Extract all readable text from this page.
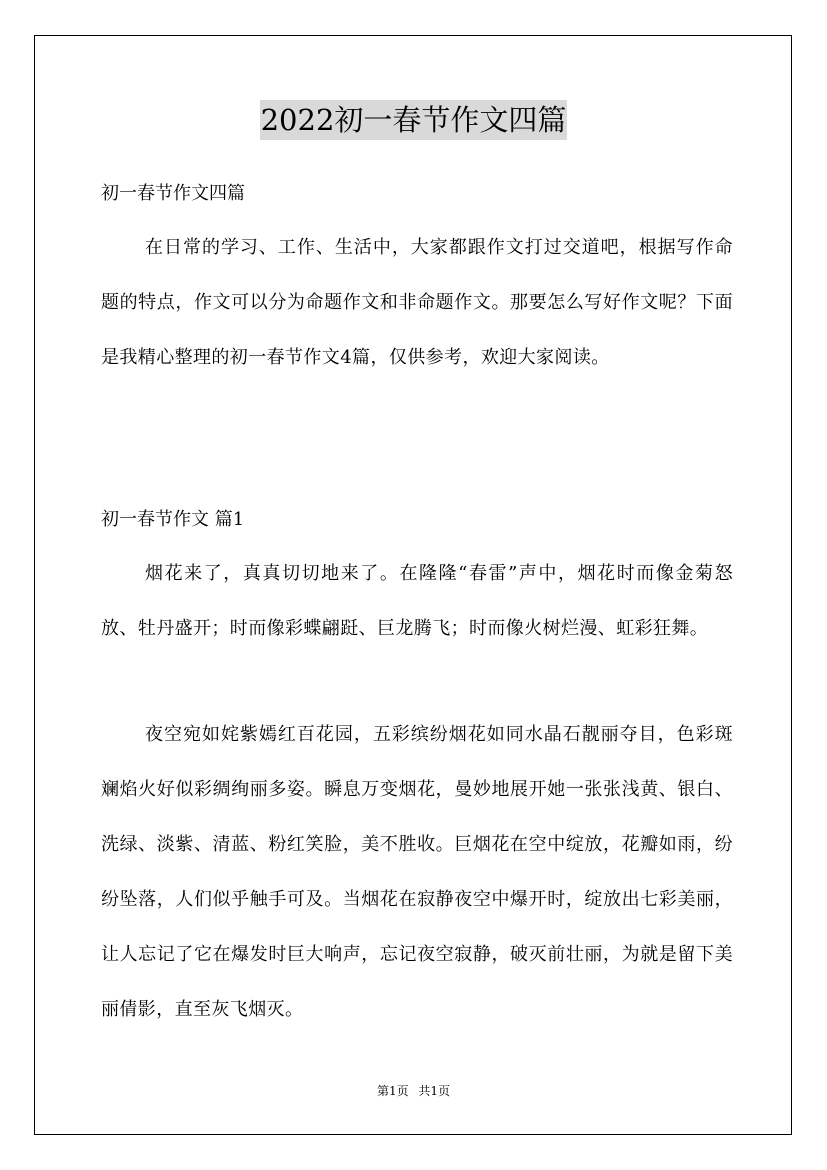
2022初一春节作文四篇
初一春节作文四篇

在日常的学习、工作、生活中，大家都跟作文打过交道吧，根据写作命题的特点，作文可以分为命题作文和非命题作文。那要怎么写好作文呢？下面是我精心整理的初一春节作文4篇，仅供参考，欢迎大家阅读。

初一春节作文 篇1

烟花来了，真真切切地来了。在隆隆“春雷”声中，烟花时而像金菊怒放、牡丹盛开；时而像彩蝶翩跹、巨龙腾飞；时而像火树烂漫、虹彩狂舞。

夜空宛如姹紫嫣红百花园，五彩缤纷烟花如同水晶石靓丽夺目，色彩斑斓焰火好似彩绸绚丽多姿。瞬息万变烟花，曼妙地展开她一张张浅黄、银白、洗绿、淡紫、清蓝、粉红笑脸，美不胜收。巨烟花在空中绽放，花瓣如雨，纷纷坠落，人们似乎触手可及。当烟花在寂静夜空中爆开时，绽放出七彩美丽，让人忘记了它在爆发时巨大响声，忘记夜空寂静，破灭前壮丽，为就是留下美丽倩影，直至灰飞烟灭。

第1页 共1页
